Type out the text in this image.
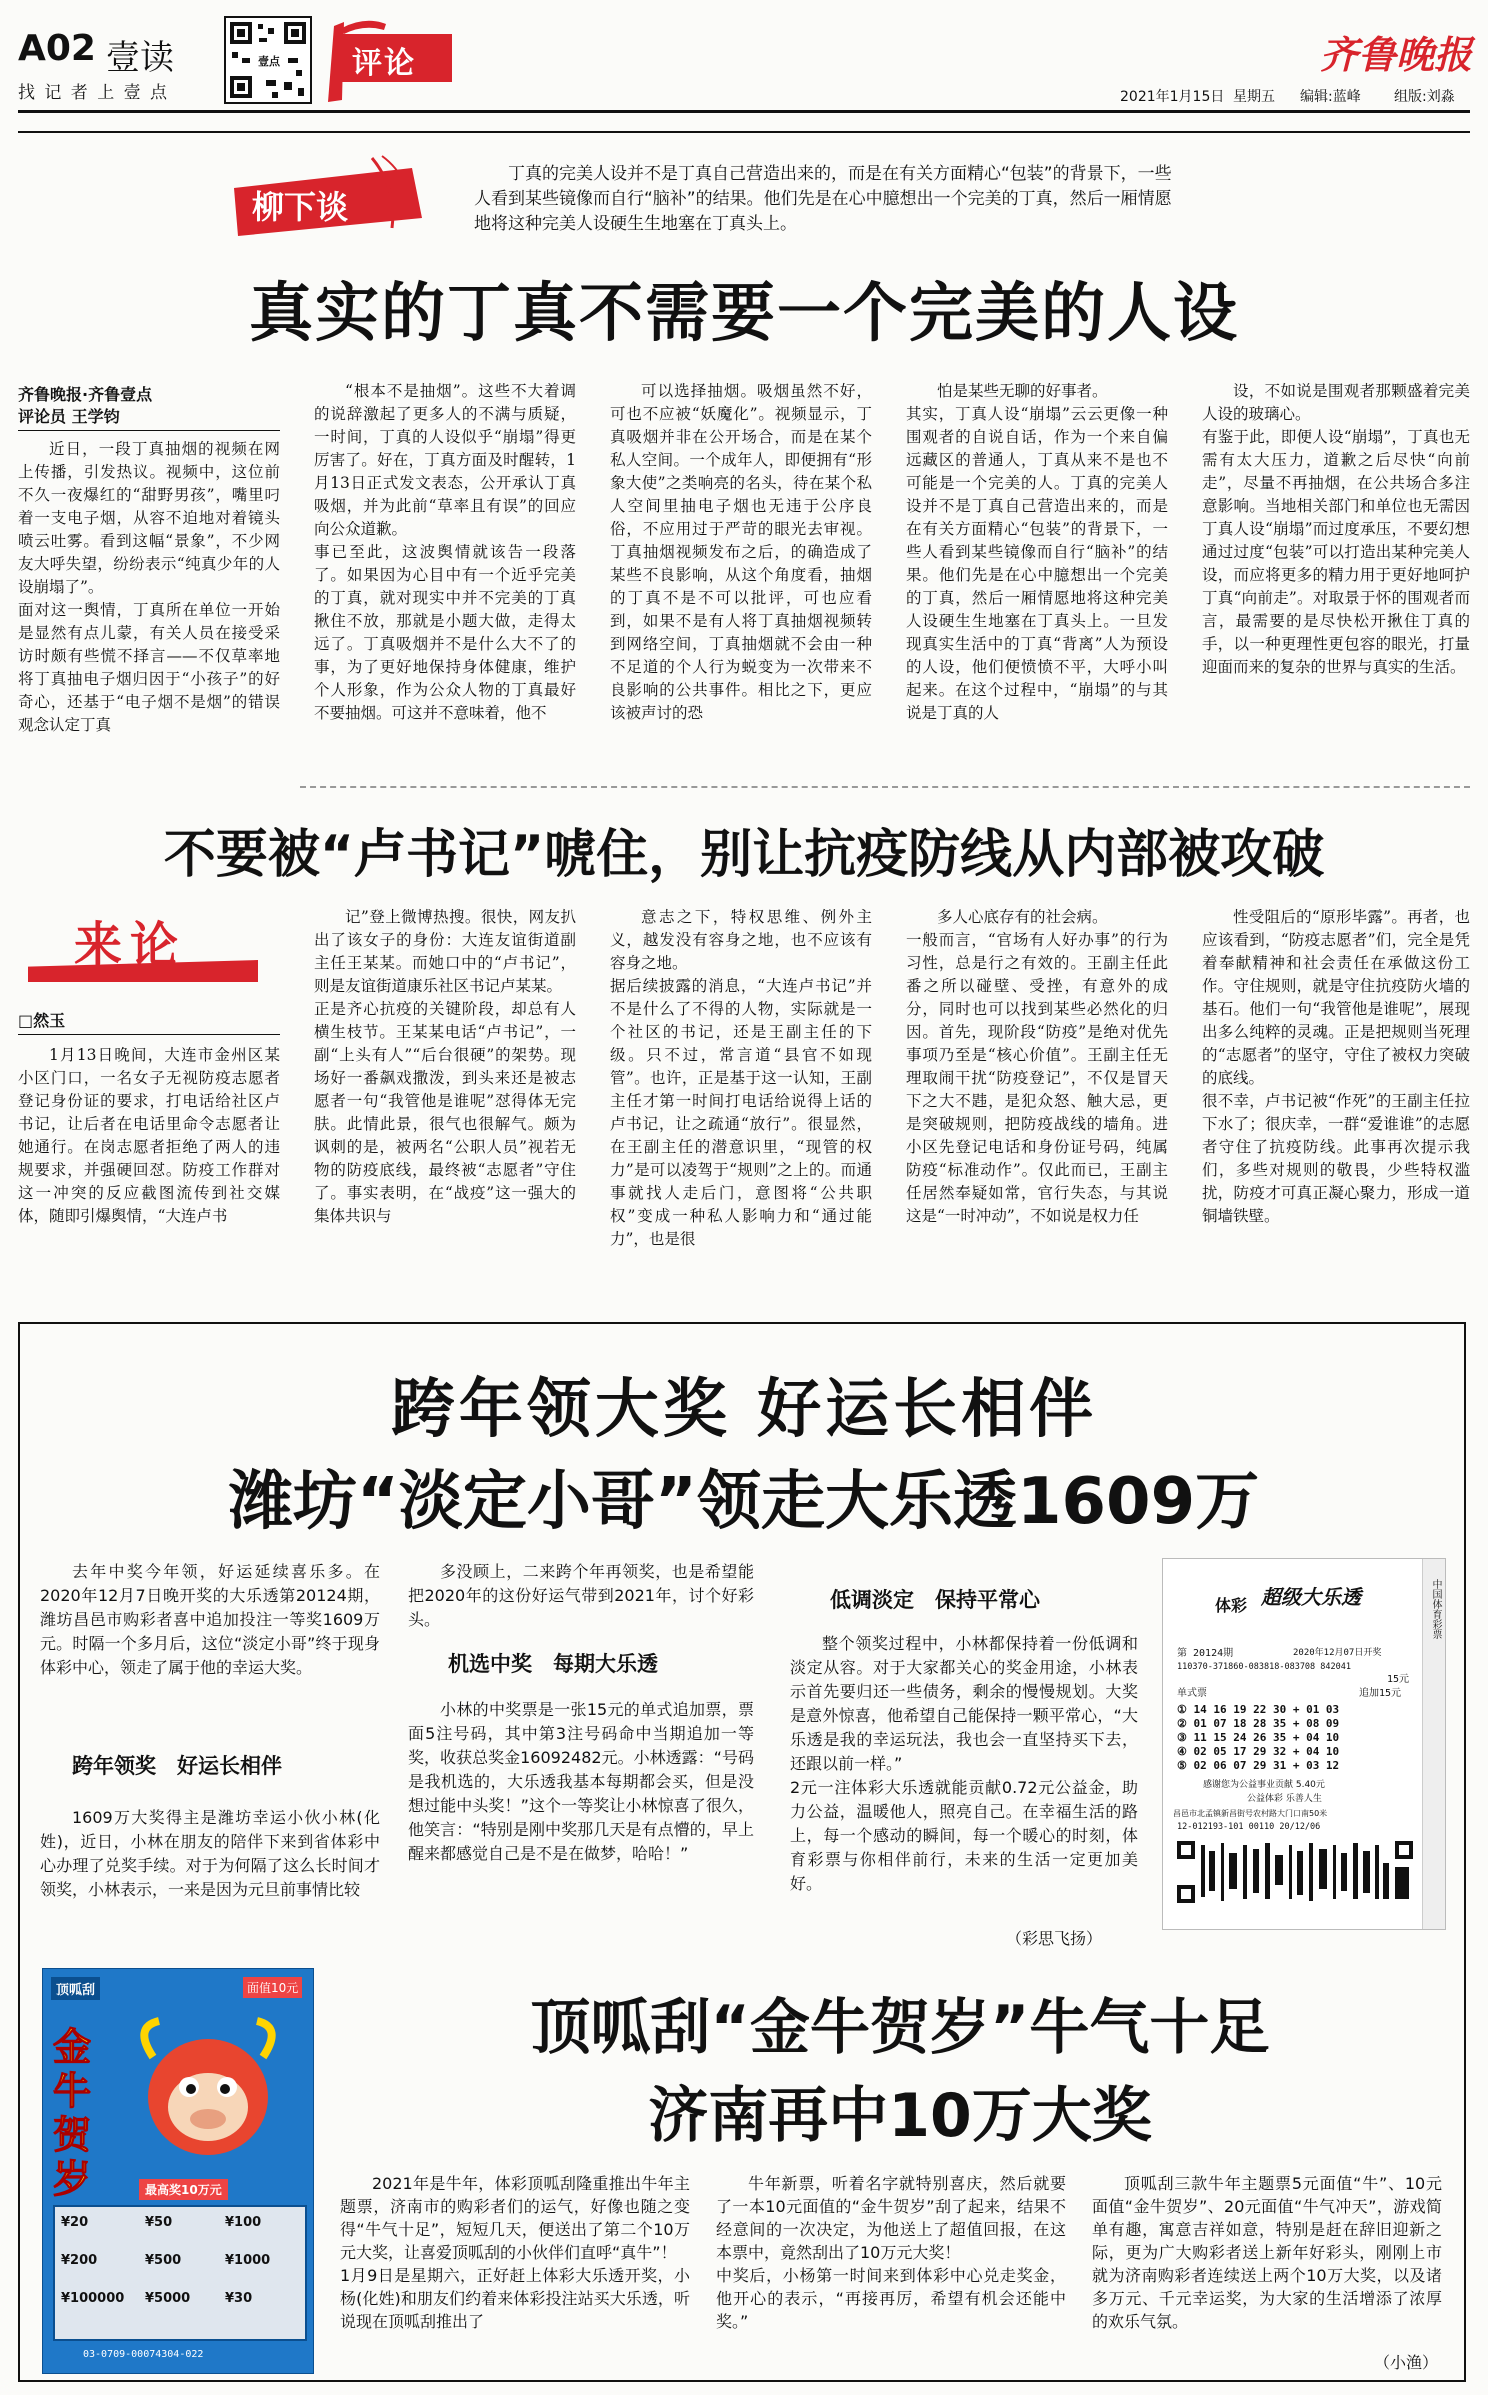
A02 壹读
找 记 者 上 壹 点
壹点 评论	齐鲁晚报
2021年1月15日 星期五 编辑:蓝峰 组版:刘淼
柳下谈
丁真的完美人设并不是丁真自己营造出来的，而是在有关方面精心“包装”的背景下，一些人看到某些镜像而自行“脑补”的结果。他们先是在心中臆想出一个完美的丁真，然后一厢情愿地将这种完美人设硬生生地塞在丁真头上。
真实的丁真不需要一个完美的人设
齐鲁晚报·齐鲁壹点
评论员 王学钧

近日，一段丁真抽烟的视频在网上传播，引发热议。视频中，这位前不久一夜爆红的“甜野男孩”，嘴里叼着一支电子烟，从容不迫地对着镜头喷云吐雾。看到这幅“景象”，不少网友大呼失望，纷纷表示“纯真少年的人设崩塌了”。
面对这一舆情，丁真所在单位一开始是显然有点儿蒙，有关人员在接受采访时颇有些慌不择言——不仅草率地将丁真抽电子烟归因于“小孩子”的好奇心，还基于“电子烟不是烟”的错误观念认定丁真

“根本不是抽烟”。这些不大着调的说辞激起了更多人的不满与质疑，一时间，丁真的人设似乎“崩塌”得更厉害了。好在，丁真方面及时醒转，1月13日正式发文表态，公开承认丁真吸烟，并为此前“草率且有误”的回应向公众道歉。
事已至此，这波舆情就该告一段落了。如果因为心目中有一个近乎完美的丁真，就对现实中并不完美的丁真揪住不放，那就是小题大做，走得太远了。丁真吸烟并不是什么大不了的事，为了更好地保持身体健康，维护个人形象，作为公众人物的丁真最好不要抽烟。可这并不意味着，他不

可以选择抽烟。吸烟虽然不好，可也不应被“妖魔化”。视频显示，丁真吸烟并非在公开场合，而是在某个私人空间。一个成年人，即便拥有“形象大使”之类响亮的名头，待在某个私人空间里抽电子烟也无违于公序良俗，不应用过于严苛的眼光去审视。丁真抽烟视频发布之后，的确造成了某些不良影响，从这个角度看，抽烟的丁真不是不可以批评，可也应看到，如果不是有人将丁真抽烟视频转到网络空间，丁真抽烟就不会由一种不足道的个人行为蜕变为一次带来不良影响的公共事件。相比之下，更应该被声讨的恐

怕是某些无聊的好事者。
其实，丁真人设“崩塌”云云更像一种围观者的自说自话，作为一个来自偏远藏区的普通人，丁真从来不是也不可能是一个完美的人。丁真的完美人设并不是丁真自己营造出来的，而是在有关方面精心“包装”的背景下，一些人看到某些镜像而自行“脑补”的结果。他们先是在心中臆想出一个完美的丁真，然后一厢情愿地将这种完美人设硬生生地塞在丁真头上。一旦发现真实生活中的丁真“背离”人为预设的人设，他们便愤愤不平，大呼小叫起来。在这个过程中，“崩塌”的与其说是丁真的人

设，不如说是围观者那颗盛着完美人设的玻璃心。
有鉴于此，即便人设“崩塌”，丁真也无需有太大压力，道歉之后尽快“向前走”，尽量不再抽烟，在公共场合多注意影响。当地相关部门和单位也无需因丁真人设“崩塌”而过度承压，不要幻想通过过度“包装”可以打造出某种完美人设，而应将更多的精力用于更好地呵护丁真“向前走”。对取景于怀的围观者而言，最需要的是尽快松开揪住丁真的手，以一种更理性更包容的眼光，打量迎面而来的复杂的世界与真实的生活。

不要被“卢书记”唬住，别让抗疫防线从内部被攻破
来论
□然玉

1月13日晚间，大连市金州区某小区门口，一名女子无视防疫志愿者登记身份证的要求，打电话给社区卢书记，让后者在电话里命令志愿者让她通行。在岗志愿者拒绝了两人的违规要求，并强硬回怼。防疫工作群对这一冲突的反应截图流传到社交媒体，随即引爆舆情，“大连卢书

记”登上微博热搜。很快，网友扒出了该女子的身份：大连友谊街道副主任王某某。而她口中的“卢书记”，则是友谊街道康乐社区书记卢某某。
正是齐心抗疫的关键阶段，却总有人横生枝节。王某某电话“卢书记”，一副“上头有人”“后台很硬”的架势。现场好一番飙戏撒泼，到头来还是被志愿者一句“我管他是谁呢”怼得体无完肤。此情此景，很气也很解气。颇为讽刺的是，被两名“公职人员”视若无物的防疫底线，最终被“志愿者”守住了。事实表明，在“战疫”这一强大的集体共识与

意志之下，特权思维、例外主义，越发没有容身之地，也不应该有容身之地。
据后续披露的消息，“大连卢书记”并不是什么了不得的人物，实际就是一个社区的书记，还是王副主任的下级。只不过，常言道“县官不如现管”。也许，正是基于这一认知，王副主任才第一时间打电话给说得上话的卢书记，让之疏通“放行”。很显然，在王副主任的潜意识里，“现管的权力”是可以凌驾于“规则”之上的。而通事就找人走后门，意图将“公共职权”变成一种私人影响力和“通过能力”，也是很

多人心底存有的社会病。
一般而言，“官场有人好办事”的行为习性，总是行之有效的。王副主任此番之所以碰壁、受挫，有意外的成分，同时也可以找到某些必然化的归因。首先，现阶段“防疫”是绝对优先事项乃至是“核心价值”。王副主任无理取闹干扰“防疫登记”，不仅是冒天下之大不韪，是犯众怒、触大忌，更是突破规则，把防疫战线的墙角。进小区先登记电话和身份证号码，纯属防疫“标准动作”。仅此而已，王副主任居然奉疑如常，官行失态，与其说这是“一时冲动”，不如说是权力任

性受阻后的“原形毕露”。再者，也应该看到，“防疫志愿者”们，完全是凭着奉献精神和社会责任在承做这份工作。守住规则，就是守住抗疫防火墙的基石。他们一句“我管他是谁呢”，展现出多么纯粹的灵魂。正是把规则当死理的“志愿者”的坚守，守住了被权力突破的底线。
很不幸，卢书记被“作死”的王副主任拉下水了；很庆幸，一群“爱谁谁”的志愿者守住了抗疫防线。此事再次提示我们，多些对规则的敬畏，少些特权滥扰，防疫才可真正凝心聚力，形成一道铜墙铁壁。

跨年领大奖 好运长相伴
潍坊“淡定小哥”领走大乐透1609万

去年中奖今年领，好运延续喜乐多。在2020年12月7日晚开奖的大乐透第20124期，潍坊昌邑市购彩者喜中追加投注一等奖1609万元。时隔一个多月后，这位“淡定小哥”终于现身体彩中心，领走了属于他的幸运大奖。

跨年领奖　好运长相伴

1609万大奖得主是潍坊幸运小伙小林(化姓)，近日，小林在朋友的陪伴下来到省体彩中心办理了兑奖手续。对于为何隔了这么长时间才领奖，小林表示，一来是因为元旦前事情比较

多没顾上，二来跨个年再领奖，也是希望能把2020年的这份好运气带到2021年，讨个好彩头。

机选中奖　每期大乐透

小林的中奖票是一张15元的单式追加票，票面5注号码，其中第3注号码命中当期追加一等奖，收获总奖金16092482元。小林透露：“号码是我机选的，大乐透我基本每期都会买，但是没想过能中头奖！”这个一等奖让小林惊喜了很久，他笑言：“特别是刚中奖那几天是有点懵的，早上醒来都感觉自己是不是在做梦，哈哈！”

低调淡定　保持平常心

整个领奖过程中，小林都保持着一份低调和淡定从容。对于大家都关心的奖金用途，小林表示首先要归还一些债务，剩余的慢慢规划。大奖是意外惊喜，他希望自己能保持一颗平常心，“大乐透是我的幸运玩法，我也会一直坚持买下去，还跟以前一样。”
2元一注体彩大乐透就能贡献0.72元公益金，助力公益，温暖他人，照亮自己。在幸福生活的路上，每一个感动的瞬间，每一个暖心的时刻，体育彩票与你相伴前行，未来的生活一定更加美好。

（彩思飞扬）
中国体育彩票
体彩 超级大乐透
第 20124期	2020年12月07日开奖
110370-371860-083818-083708 842041
15元
单式票	追加15元
① 14 16 19 22 30 + 01 03
② 01 07 18 28 35 + 08 09
③ 11 15 24 26 35 + 04 10
④ 02 05 17 29 32 + 04 10
⑤ 02 06 07 29 31 + 03 12
感谢您为公益事业贡献 5.40元
公益体彩 乐善人生
昌邑市北孟镇新昌街号农村路大门口南50米
12-012193-101 00110 20/12/06
顶呱刮	面值10元
金牛贺岁	最高奖10万元
¥20	¥50	¥100
¥200	¥500	¥1000
¥100000 ¥5000	¥30
03-0709-00074304-022
顶呱刮“金牛贺岁”牛气十足
济南再中10万大奖

2021年是牛年，体彩顶呱刮隆重推出牛年主题票，济南市的购彩者们的运气，好像也随之变得“牛气十足”，短短几天，便送出了第二个10万元大奖，让喜爱顶呱刮的小伙伴们直呼“真牛”！
1月9日是星期六，正好赶上体彩大乐透开奖，小杨(化姓)和朋友们约着来体彩投注站买大乐透，听说现在顶呱刮推出了

牛年新票，听着名字就特别喜庆，然后就要了一本10元面值的“金牛贺岁”刮了起来，结果不经意间的一次决定，为他送上了超值回报，在这本票中，竟然刮出了10万元大奖！
中奖后，小杨第一时间来到体彩中心兑走奖金，他开心的表示，“再接再厉，希望有机会还能中奖。”

顶呱刮三款牛年主题票5元面值“牛”、10元面值“金牛贺岁”、20元面值“牛气冲天”，游戏简单有趣，寓意吉祥如意，特别是赶在辞旧迎新之际，更为广大购彩者送上新年好彩头，刚刚上市就为济南购彩者连续送上两个10万大奖，以及诸多万元、千元幸运奖，为大家的生活增添了浓厚的欢乐气氛。

（小渔）
